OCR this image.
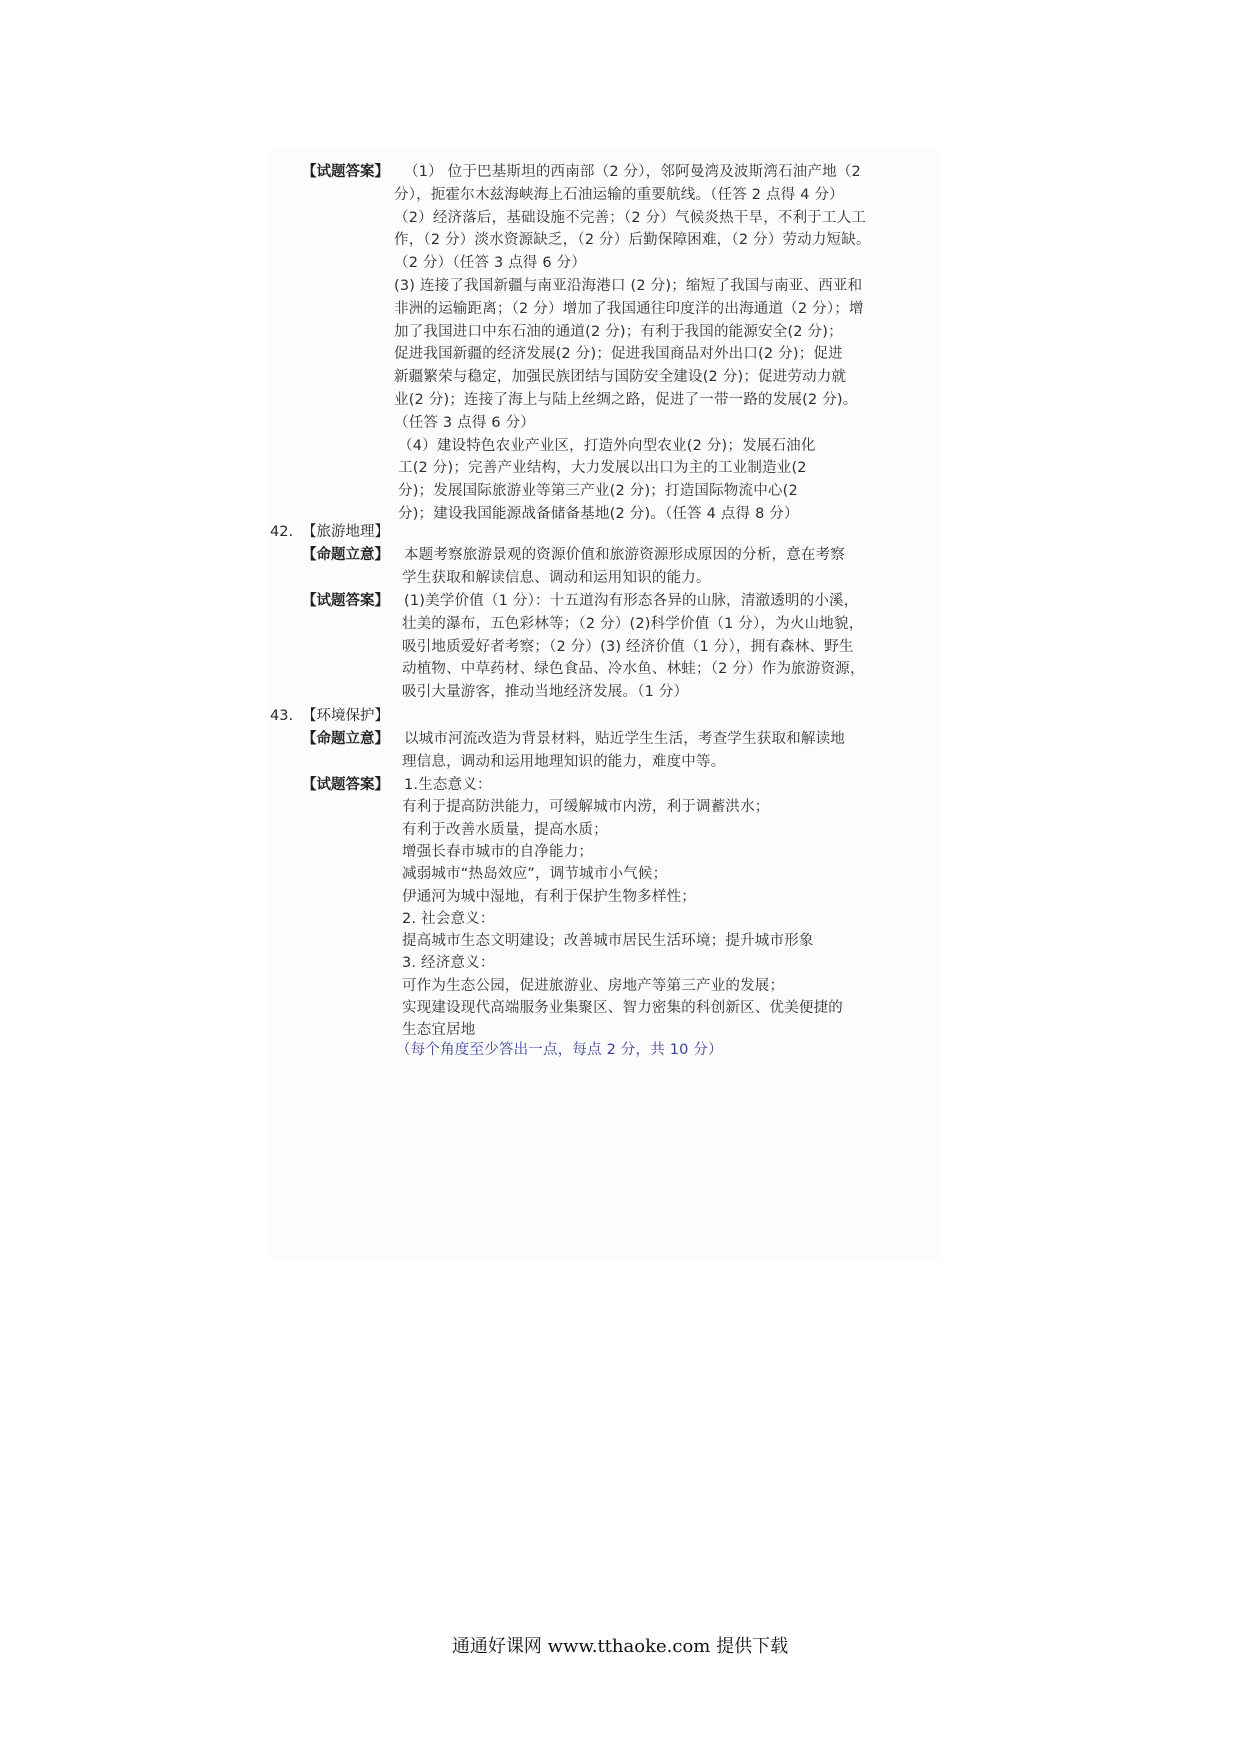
【试题答案】 （1） 位于巴基斯坦的西南部（2 分），邻阿曼湾及波斯湾石油产地（2
分），扼霍尔木兹海峡海上石油运输的重要航线。（任答 2 点得 4 分）
（2）经济落后，基础设施不完善；（2 分）气候炎热干旱，不利于工人工
作，（2 分）淡水资源缺乏，（2 分）后勤保障困难，（2 分）劳动力短缺。
（2 分）（任答 3 点得 6 分）
(3) 连接了我国新疆与南亚沿海港口 (2 分)；缩短了我国与南亚、西亚和
非洲的运输距离；（2 分）增加了我国通往印度洋的出海通道（2 分）；增
加了我国进口中东石油的通道(2 分)；有利于我国的能源安全(2 分)；
促进我国新疆的经济发展(2 分)；促进我国商品对外出口(2 分)；促进
新疆繁荣与稳定，加强民族团结与国防安全建设(2 分)；促进劳动力就
业(2 分)；连接了海上与陆上丝绸之路，促进了一带一路的发展(2 分)。
（任答 3 点得 6 分）
（4）建设特色农业产业区，打造外向型农业(2 分)；发展石油化
工(2 分)；完善产业结构，大力发展以出口为主的工业制造业(2
分)；发展国际旅游业等第三产业(2 分)；打造国际物流中心(2
分)；建设我国能源战备储备基地(2 分)。（任答 4 点得 8 分）
42. 【旅游地理】
【命题立意】 本题考察旅游景观的资源价值和旅游资源形成原因的分析，意在考察
学生获取和解读信息、调动和运用知识的能力。
【试题答案】 (1)美学价值（1 分）：十五道沟有形态各异的山脉，清澈透明的小溪，
壮美的瀑布，五色彩林等；（2 分）(2)科学价值（1 分），为火山地貌，
吸引地质爱好者考察；（2 分）(3) 经济价值（1 分），拥有森林、野生
动植物、中草药材、绿色食品、冷水鱼、林蛙；（2 分）作为旅游资源，
吸引大量游客，推动当地经济发展。（1 分）
43. 【环境保护】
【命题立意】 以城市河流改造为背景材料，贴近学生生活，考查学生获取和解读地
理信息，调动和运用地理知识的能力，难度中等。
【试题答案】 1.生态意义：
有利于提高防洪能力，可缓解城市内涝，利于调蓄洪水；
有利于改善水质量，提高水质；
增强长春市城市的自净能力；
减弱城市“热岛效应”，调节城市小气候；
伊通河为城中湿地，有利于保护生物多样性；
2. 社会意义：
提高城市生态文明建设；改善城市居民生活环境；提升城市形象
3. 经济意义：
可作为生态公园，促进旅游业、房地产等第三产业的发展；
实现建设现代高端服务业集聚区、智力密集的科创新区、优美便捷的
生态宜居地
（每个角度至少答出一点，每点 2 分，共 10 分）
通通好课网 www.tthaoke.com 提供下载
